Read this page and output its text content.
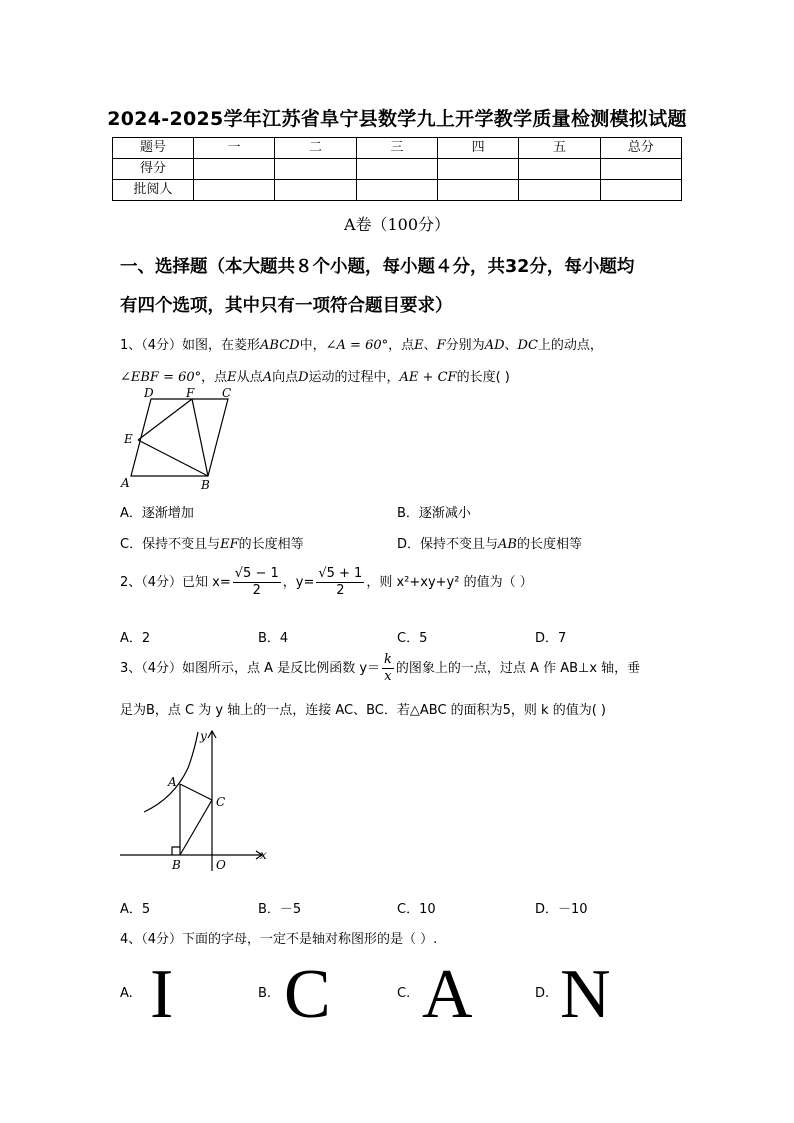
2024-2025学年江苏省阜宁县数学九上开学教学质量检测模拟试题
题号	一	二	三	四	五	总分
得分						
批阅人						
A卷（100分）
一、选择题（本大题共８个小题，每小题４分，共32分，每小题均
有四个选项，其中只有一项符合题目要求）
1、（4分）如图，在菱形ABCD中，∠A = 60°，点E、F分别为AD、DC上的动点，
∠EBF = 60°，点E从点A向点D运动的过程中，AE + CF的长度( )
D	F C
E
A	B
A．逐渐增加	B．逐渐减小
C．保持不变且与EF的长度相等	D．保持不变且与AB的长度相等
2、（4分）已知 $x= \frac{√5 - 1}{2}$ ，$y= \frac{√5 + 1}{2}$ ，则 x²+xy+y² 的值为（ ）
A．2	B．4	C．5	D．7
3、（4分）如图所示，点 A 是反比例函数 $y= \frac{k}{x}$ 的图象上的一点，过点 A 作 AB⊥x 轴，垂
足为B，点 C 为 y 轴上的一点，连接 AC、BC．若△ABC 的面积为5，则 k 的值为( )
y
A
C
B	O
x
A．5	B．－5	C．10	D．－10
4、（4分）下面的字母，一定不是轴对称图形的是（ ）.
A. I	B. C	C. A	D. N
